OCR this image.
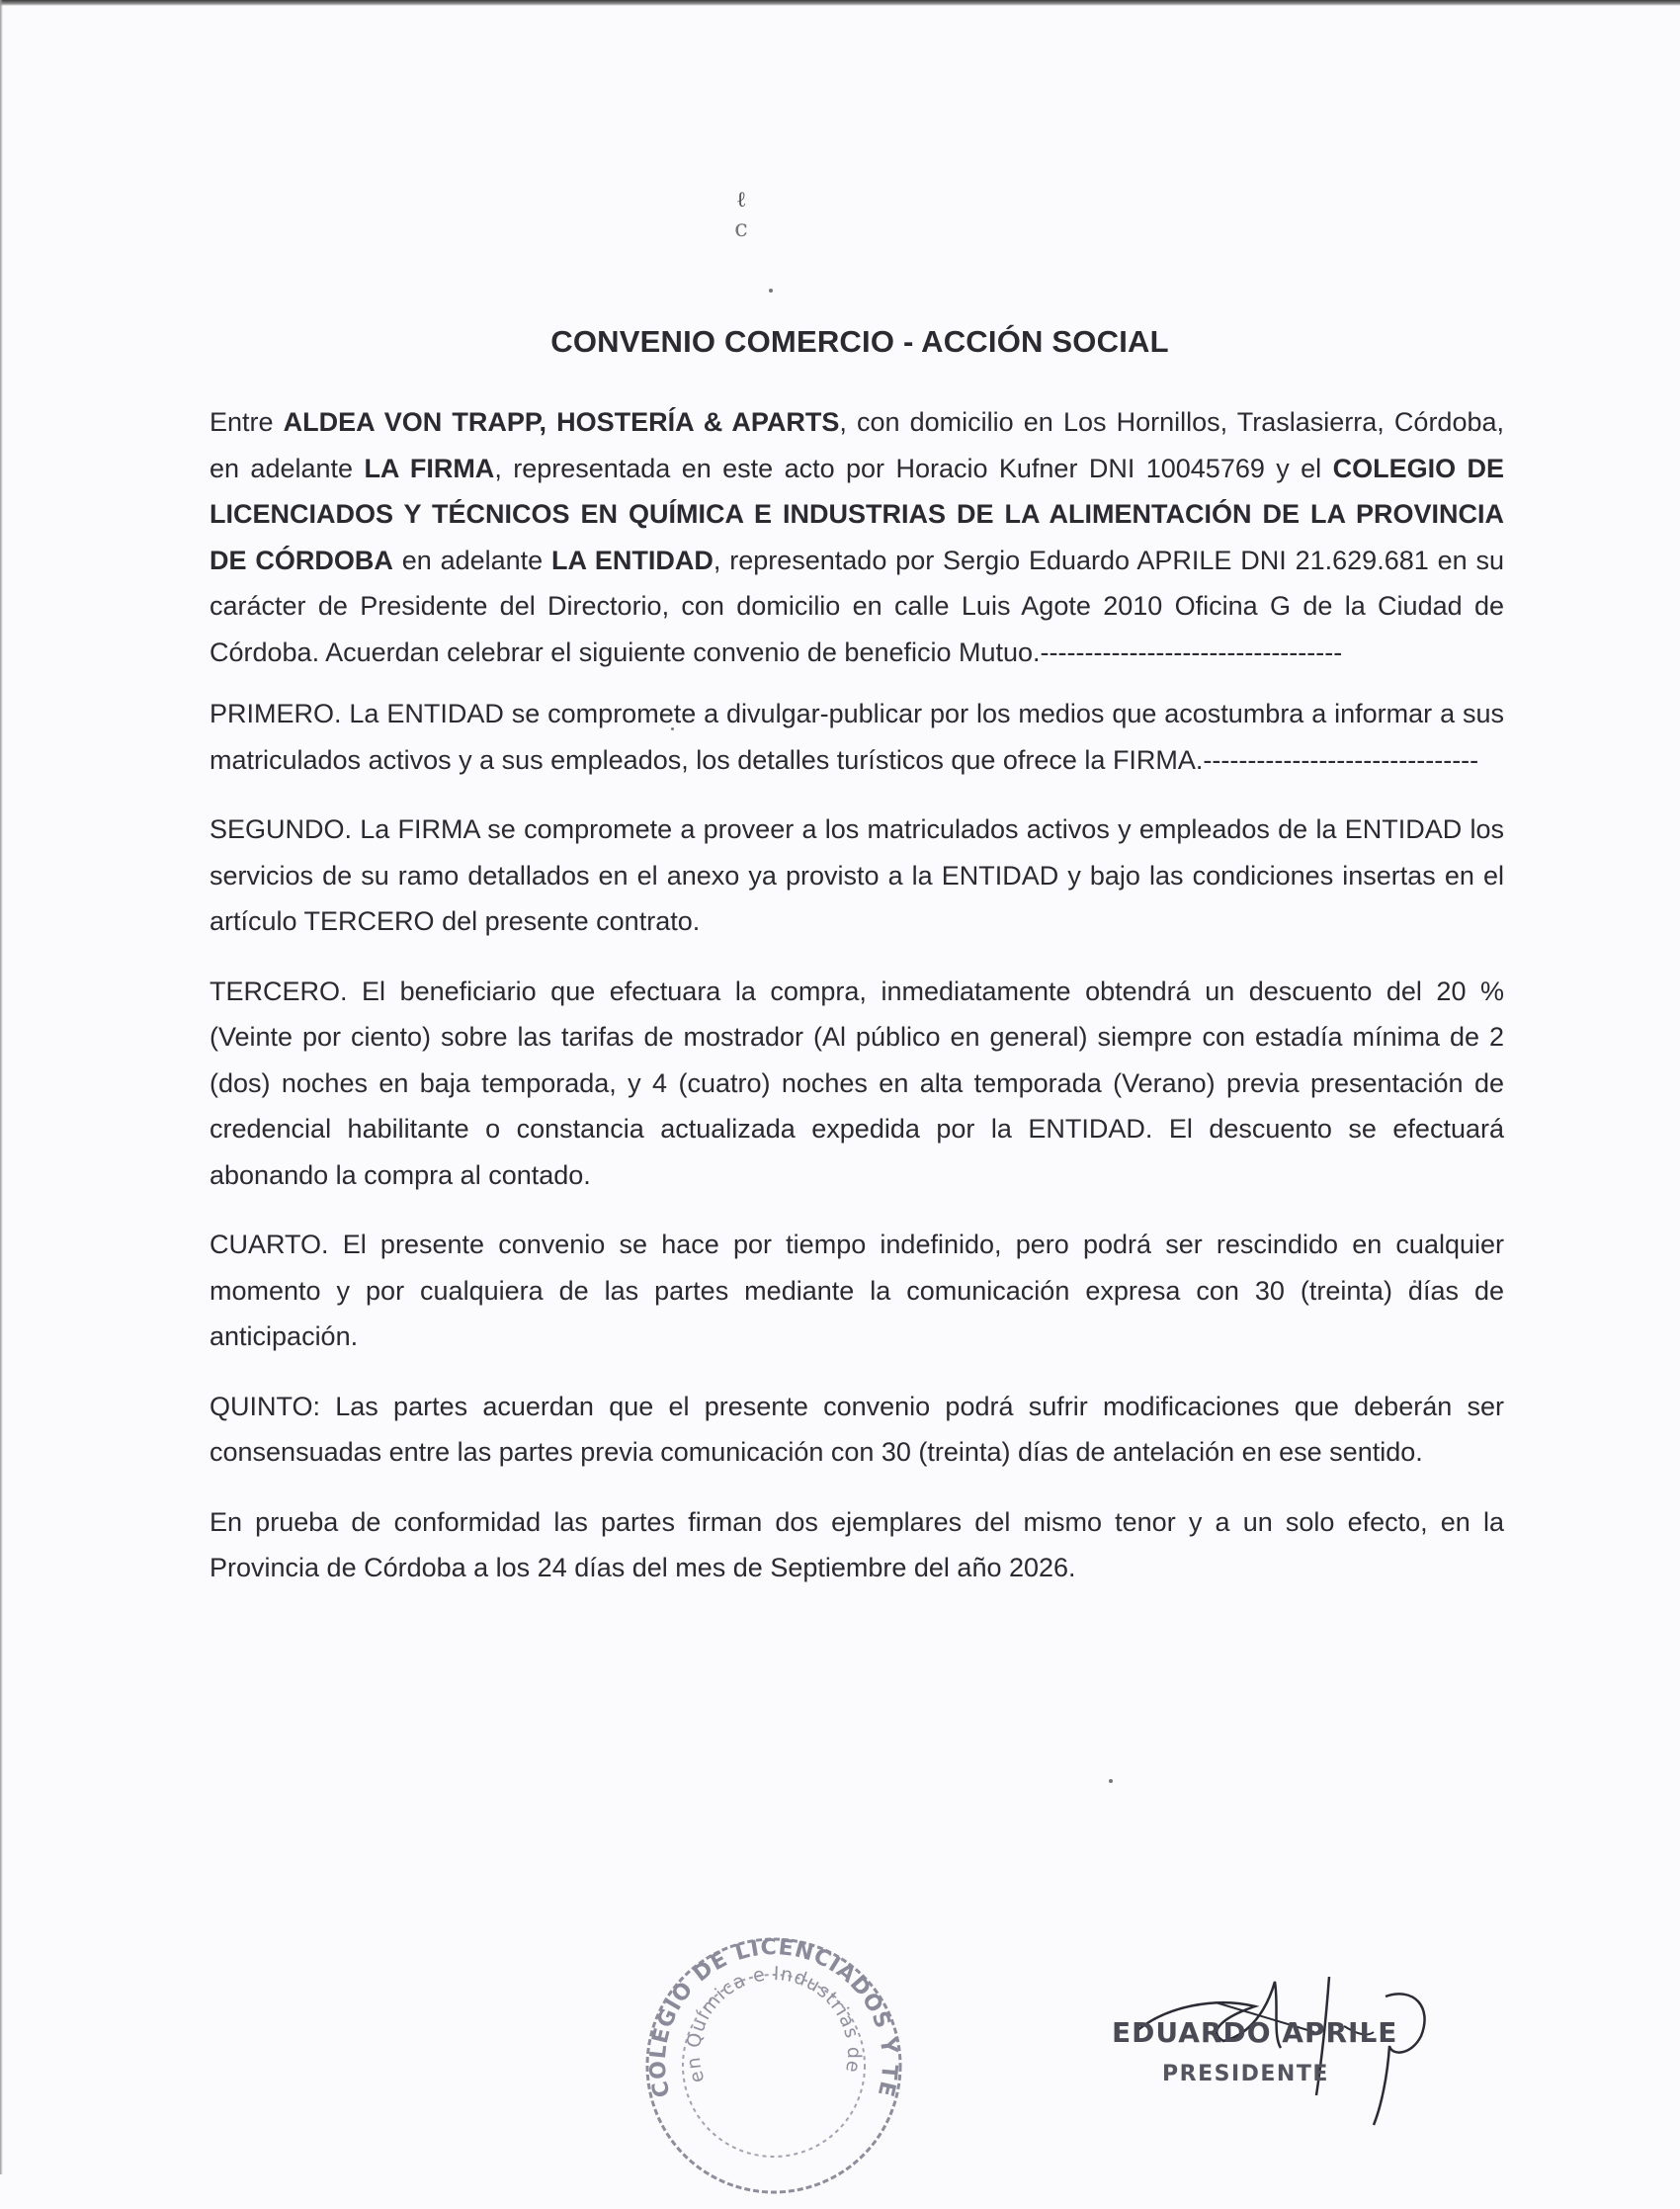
ℓ
c
CONVENIO COMERCIO - ACCIÓN SOCIAL

Entre ALDEA VON TRAPP, HOSTERÍA & APARTS, con domicilio en Los Hornillos, Traslasierra, Córdoba, en adelante LA FIRMA, representada en este acto por Horacio Kufner DNI 10045769 y el COLEGIO DE LICENCIADOS Y TÉCNICOS EN QUÍMICA E INDUSTRIAS DE LA ALIMENTACIÓN DE LA PROVINCIA DE CÓRDOBA en adelante LA ENTIDAD, representado por Sergio Eduardo APRILE DNI 21.629.681 en su carácter de Presidente del Directorio, con domicilio en calle Luis Agote 2010 Oficina G de la Ciudad de Córdoba. Acuerdan celebrar el siguiente convenio de beneficio Mutuo.----------------------------------

PRIMERO. La ENTIDAD se compromete a divulgar-publicar por los medios que acostumbra a informar a sus matriculados activos y a sus empleados, los detalles turísticos que ofrece la FIRMA.-------------------------------

SEGUNDO. La FIRMA se compromete a proveer a los matriculados activos y empleados de la ENTIDAD los servicios de su ramo detallados en el anexo ya provisto a la ENTIDAD y bajo las condiciones insertas en el artículo TERCERO del presente contrato.

TERCERO. El beneficiario que efectuara la compra, inmediatamente obtendrá un descuento del 20 % (Veinte por ciento) sobre las tarifas de mostrador (Al público en general) siempre con estadía mínima de 2 (dos) noches en baja temporada, y 4 (cuatro) noches en alta temporada (Verano) previa presentación de credencial habilitante o constancia actualizada expedida por la ENTIDAD. El descuento se efectuará abonando la compra al contado.

CUARTO. El presente convenio se hace por tiempo indefinido, pero podrá ser rescindido en cualquier momento y por cualquiera de las partes mediante la comunicación expresa con 30 (treinta) días de anticipación.

QUINTO: Las partes acuerdan que el presente convenio podrá sufrir modificaciones que deberán ser consensuadas entre las partes previa comunicación con 30 (treinta) días de antelación en ese sentido.

En prueba de conformidad las partes firman dos ejemplares del mismo tenor y a un solo efecto, en la Provincia de Córdoba a los 24 días del mes de Septiembre del año 2026.

COLEGIO DE LICENCIADOS Y TE
en Química e Industrias de
EDUARDO APRILE
PRESIDENTE
